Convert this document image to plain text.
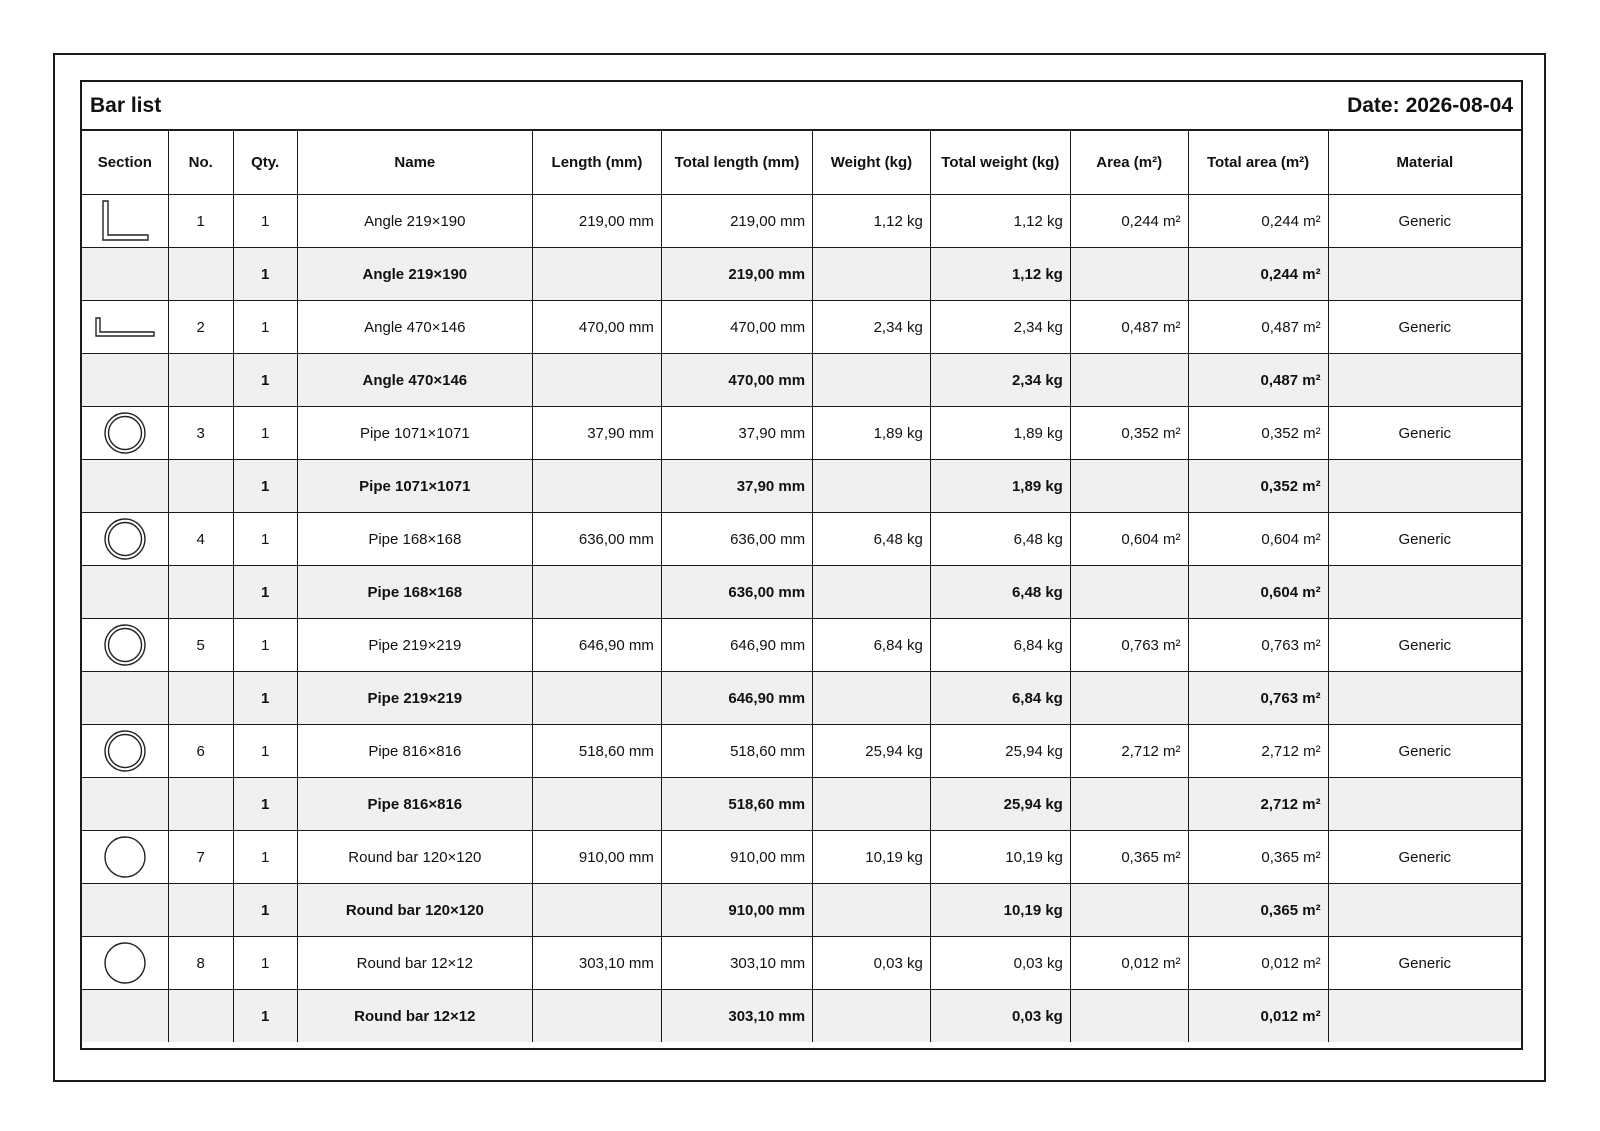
Bar list	Date: 2026-08-04
Section	No.	Qty.	Name	Length (mm)	Total length (mm)	Weight (kg)	Total weight (kg)	Area (m²)	Total area (m²)	Material

	1	1	Angle 219×190	219,00 mm	219,00 mm	1,12 kg	1,12 kg	0,244 m²	0,244 m²	Generic
		1	Angle 219×190		219,00 mm		1,12 kg		0,244 m²	

	2	1	Angle 470×146	470,00 mm	470,00 mm	2,34 kg	2,34 kg	0,487 m²	0,487 m²	Generic
		1	Angle 470×146		470,00 mm		2,34 kg		0,487 m²	

	3	1	Pipe 1071×1071	37,90 mm	37,90 mm	1,89 kg	1,89 kg	0,352 m²	0,352 m²	Generic
		1	Pipe 1071×1071		37,90 mm		1,89 kg		0,352 m²	

	4	1	Pipe 168×168	636,00 mm	636,00 mm	6,48 kg	6,48 kg	0,604 m²	0,604 m²	Generic
		1	Pipe 168×168		636,00 mm		6,48 kg		0,604 m²	

	5	1	Pipe 219×219	646,90 mm	646,90 mm	6,84 kg	6,84 kg	0,763 m²	0,763 m²	Generic
		1	Pipe 219×219		646,90 mm		6,84 kg		0,763 m²	

	6	1	Pipe 816×816	518,60 mm	518,60 mm	25,94 kg	25,94 kg	2,712 m²	2,712 m²	Generic
		1	Pipe 816×816		518,60 mm		25,94 kg		2,712 m²	

	7	1	Round bar 120×120	910,00 mm	910,00 mm	10,19 kg	10,19 kg	0,365 m²	0,365 m²	Generic
		1	Round bar 120×120		910,00 mm		10,19 kg		0,365 m²	

	8	1	Round bar 12×12	303,10 mm	303,10 mm	0,03 kg	0,03 kg	0,012 m²	0,012 m²	Generic
		1	Round bar 12×12		303,10 mm		0,03 kg		0,012 m²	
